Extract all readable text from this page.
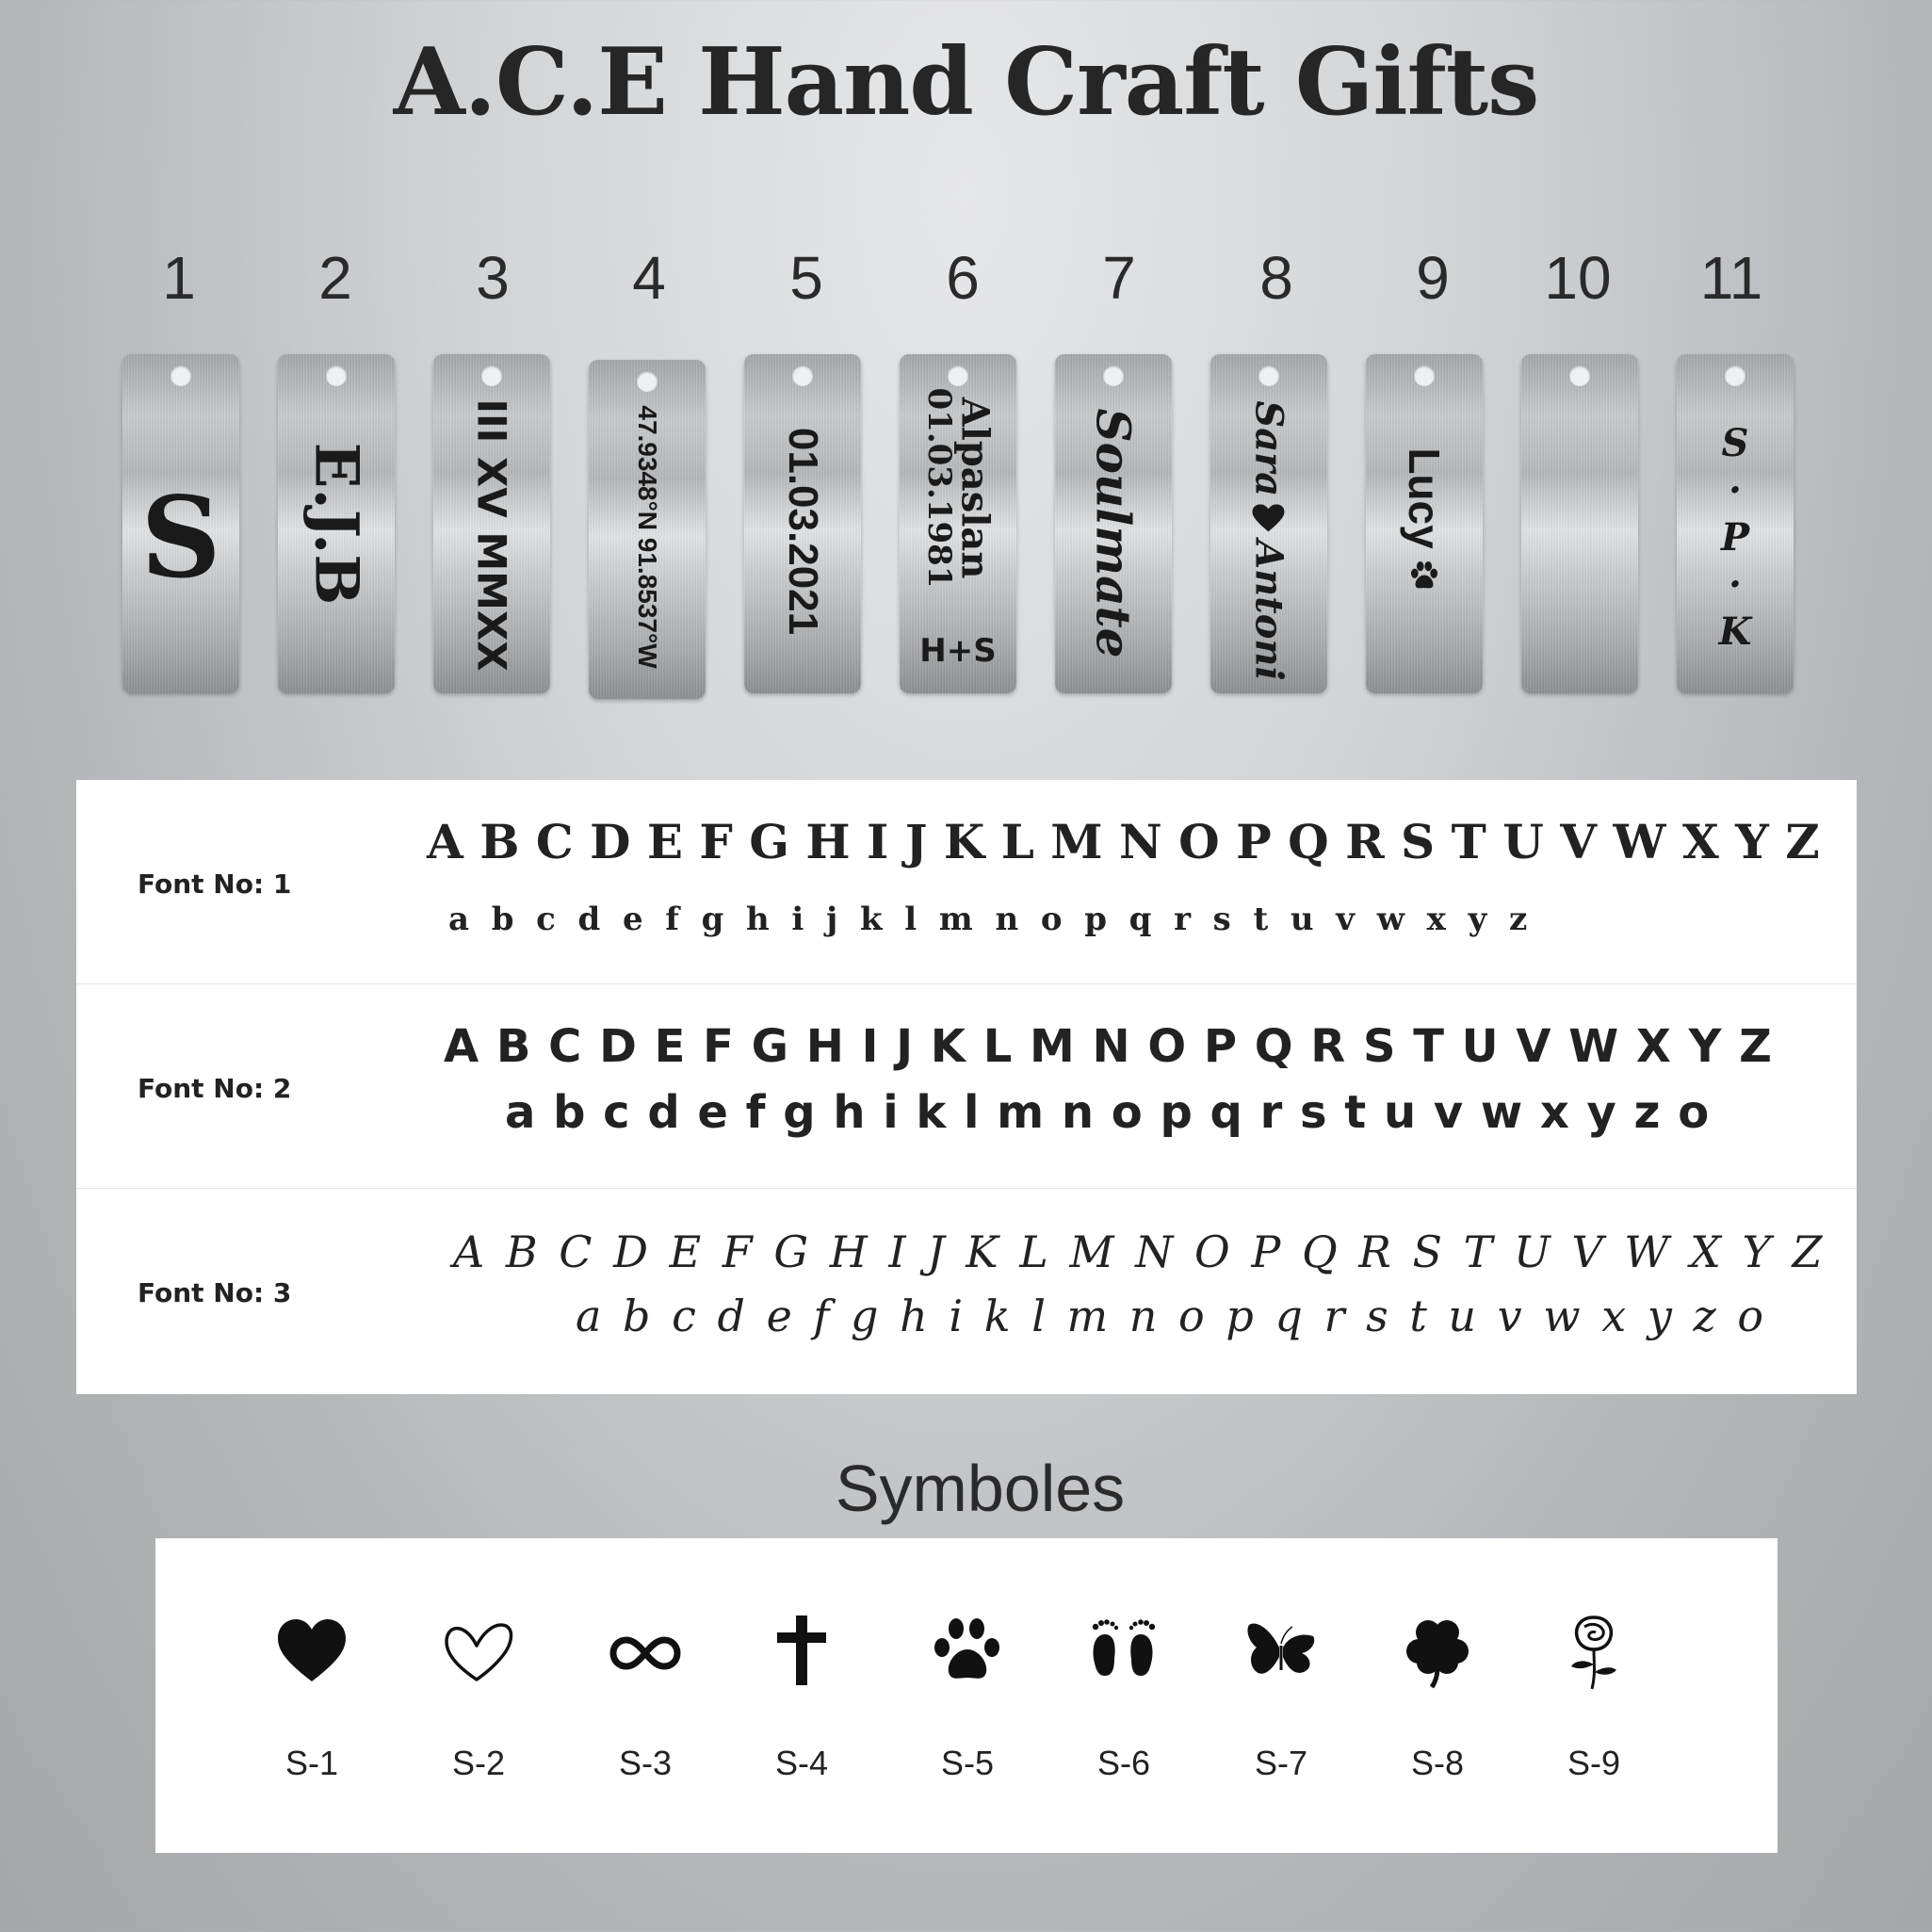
A.C.E Hand Craft Gifts
1	2	3	4	5	6	7	8	9	10	11
S	E.J.B III XV MMXX	47.9348°N 91.8537°W	01.03.2021	Alpaslan
01.03.1981
H+S	Soulmate	Sara
Antoni
Lucy
S · P · K
Font No: 1
A B C D E F G H I J K L M N O P Q R S T U V W X Y Z
a  b  c  d  e  f  g  h  i  j  k  l  m  n  o  p  q  r  s  t  u  v  w  x  y  z
Font No: 2
A B C D E F G H I J K L M N O P Q R S T U V W X Y Z
a b c d e f g h i k l m n o p q r s t u v w x y z o
Font No: 3
A B C D E F G H I J K L M N O P Q R S T U V W X Y Z
a b c d e f g h i k l m n o p q r s t u v w x y z o
Symboles
S-1	S-2	S-3	S-4	S-5	S-6	S-7	S-8	S-9
